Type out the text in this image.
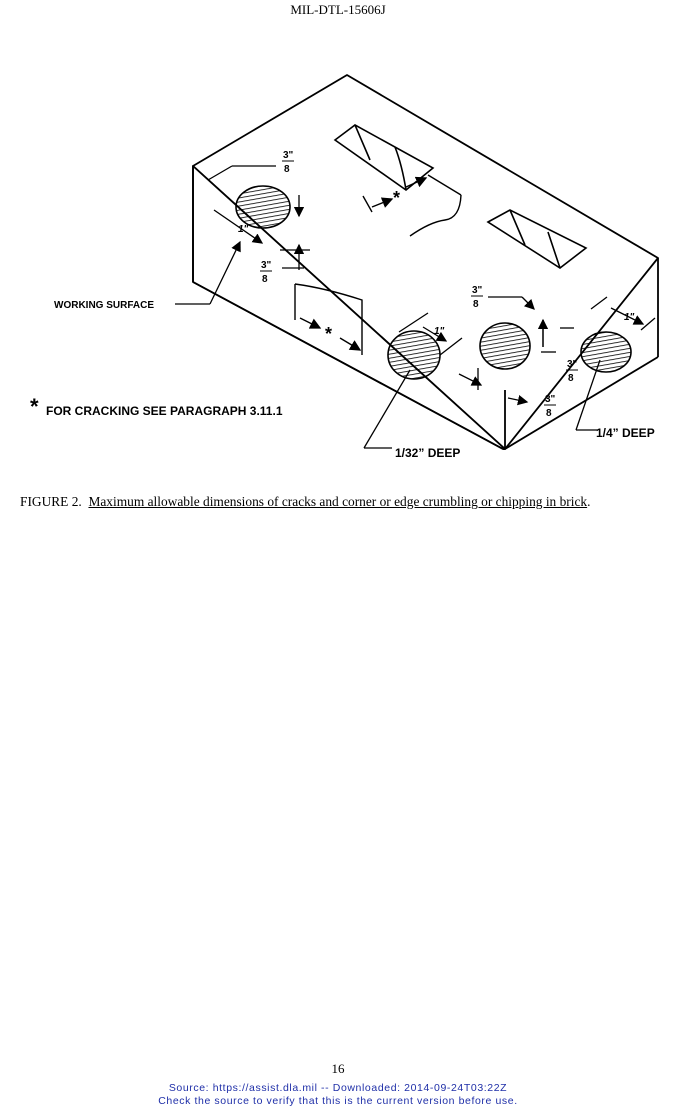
MIL-DTL-15606J
*
*
3"
8
3"
8
3"
8
3"
8
3"
8
1"
1"
1"
WORKING SURFACE
* FOR CRACKING SEE PARAGRAPH 3.11.1
1/32” DEEP
1/4” DEEP
FIGURE 2. Maximum allowable dimensions of cracks and corner or edge crumbling or chipping in brick.
16
Source: https://assist.dla.mil -- Downloaded: 2014-09-24T03:22Z
Check the source to verify that this is the current version before use.
